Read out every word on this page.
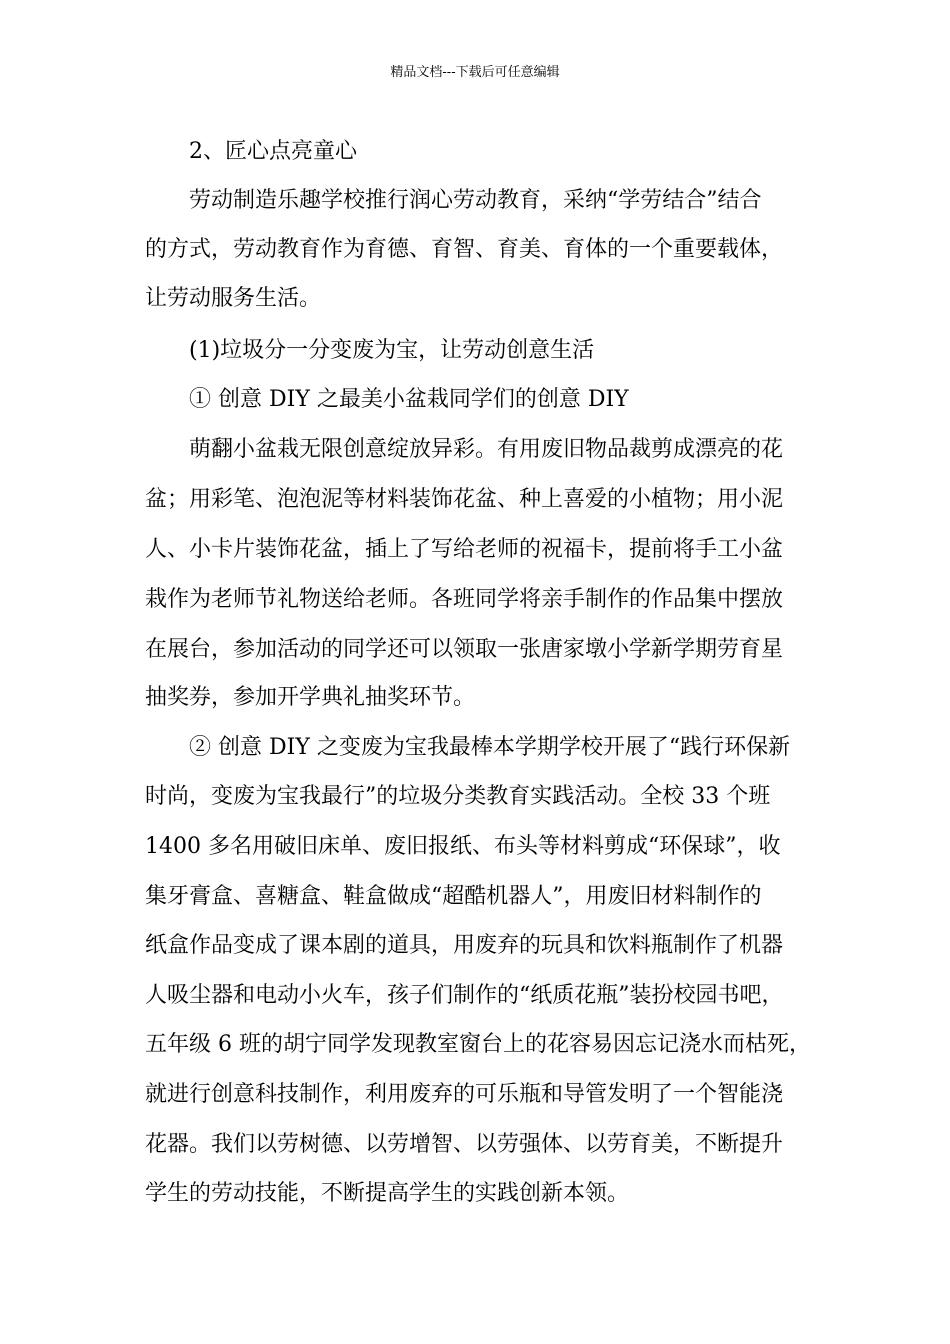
精品文档---下载后可任意编辑
2、匠心点亮童心
劳动制造乐趣学校推行润心劳动教育，采纳“学劳结合”结合
的方式，劳动教育作为育德、育智、育美、育体的一个重要载体，
让劳动服务生活。
(1)垃圾分一分变废为宝，让劳动创意生活
① 创意 DIY 之最美小盆栽同学们的创意 DIY
萌翻小盆栽无限创意绽放异彩。有用废旧物品裁剪成漂亮的花
盆；用彩笔、泡泡泥等材料装饰花盆、种上喜爱的小植物；用小泥
人、小卡片装饰花盆，插上了写给老师的祝福卡，提前将手工小盆
栽作为老师节礼物送给老师。各班同学将亲手制作的作品集中摆放
在展台，参加活动的同学还可以领取一张唐家墩小学新学期劳育星
抽奖券，参加开学典礼抽奖环节。
② 创意 DIY 之变废为宝我最棒本学期学校开展了“践行环保新
时尚，变废为宝我最行”的垃圾分类教育实践活动。全校 33 个班
1400 多名用破旧床单、废旧报纸、布头等材料剪成“环保球”，收
集牙膏盒、喜糖盒、鞋盒做成“超酷机器人”，用废旧材料制作的
纸盒作品变成了课本剧的道具，用废弃的玩具和饮料瓶制作了机器
人吸尘器和电动小火车，孩子们制作的“纸质花瓶”装扮校园书吧，
五年级 6 班的胡宁同学发现教室窗台上的花容易因忘记浇水而枯死，
就进行创意科技制作，利用废弃的可乐瓶和导管发明了一个智能浇
花器。我们以劳树德、以劳增智、以劳强体、以劳育美，不断提升
学生的劳动技能，不断提高学生的实践创新本领。
